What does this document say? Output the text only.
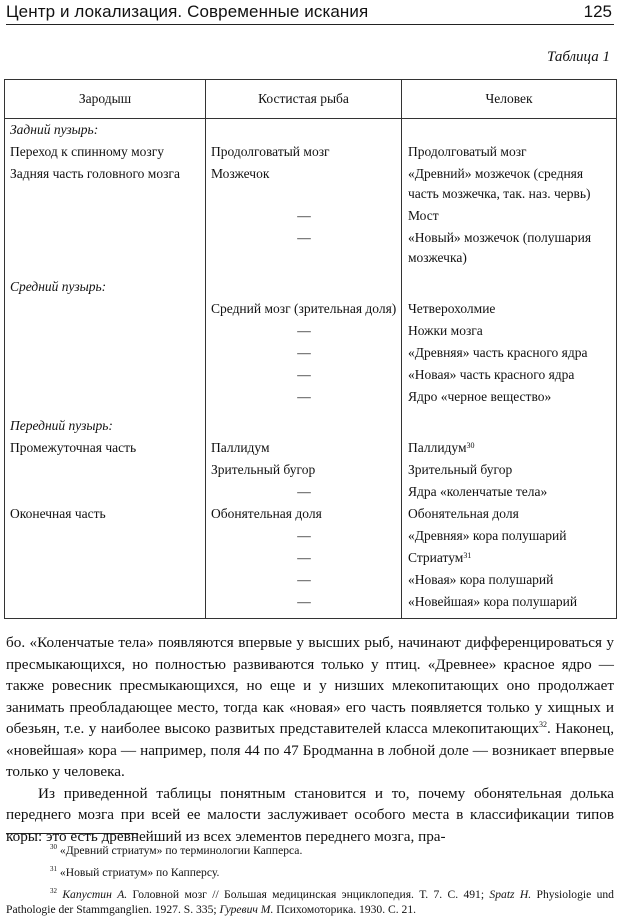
Центр и локализация. Современные искания	125
Таблица 1
Зародыш	Костистая рыба	Человек
Задний пузырь:		
Переход к спинному мозгу	Продолговатый мозг	Продолговатый мозг
Задняя часть головного мозга	Мозжечок	«Древний» мозжечок (средняя часть мозжечка, так. наз. червь)
	—	Мост
	—	«Новый» мозжечок (полушария мозжечка)
Средний пузырь:		
	Средний мозг (зрительная доля)	Четверохолмие
	—	Ножки мозга
	—	«Древняя» часть красного ядра
	—	«Новая» часть красного ядра
	—	Ядро «черное вещество»
Передний пузырь:		
Промежуточная часть	Паллидум	Паллидум$^{30}$
	Зрительный бугор	Зрительный бугор
	—	Ядра «коленчатые тела»
Оконечная часть	Обонятельная доля	Обонятельная доля
	—	«Древняя» кора полушарий
	—	Стриатум$^{31}$
	—	«Новая» кора полушарий
	—	«Новейшая» кора полушарий

бо. «Коленчатые тела» появляются впервые у высших рыб, начинают дифференцироваться у пресмыкающихся, но полностью развиваются только у птиц. «Древнее» красное ядро — также ровесник пресмыкающихся, но еще и у низших млекопитающих оно продолжает занимать преобладающее место, тогда как «новая» его часть появляется только у хищных и обезьян, т.е. у наиболее высоко развитых представителей класса млекопитающих$^{32}$. Наконец, «новейшая» кора — например, поля 44 по 47 Бродманна в лобной доле — возникает впервые только у человека.

Из приведенной таблицы понятным становится и то, почему обонятельная долька переднего мозга при всей ее малости заслуживает особого места в классификации типов коры: это есть древнейший из всех элементов переднего мозга, пра-

$^{30}$ «Древний стриатум» по терминологии Капперса.

$^{31}$ «Новый стриатум» по Капперсу.

$^{32}$ Капустин А. Головной мозг // Большая медицинская энциклопедия. Т. 7. С. 491; Spatz H. Physiologie und Pathologie der Stammganglien. 1927. S. 335; Гуревич М. Психомоторика. 1930. С. 21.
